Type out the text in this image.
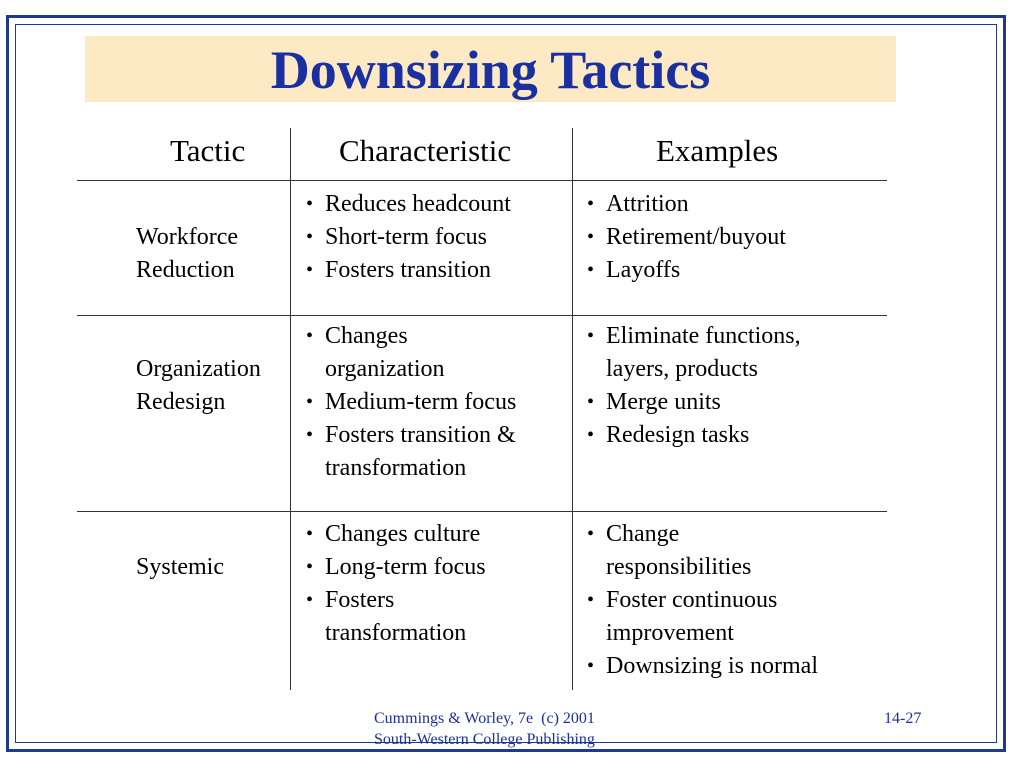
Downsizing Tactics
Tactic	Characteristic	Examples
Workforce
Reduction
• Reduces headcount
• Short-term focus
• Fosters transition
• Attrition
• Retirement/buyout
• Layoffs
Organization
Redesign
• Changes organization
• Medium-term focus
• Fosters transition & transformation
• Eliminate functions, layers, products
• Merge units
• Redesign tasks
Systemic
• Changes culture
• Long-term focus
• Fosters transformation
• Change responsibilities
• Foster continuous improvement
• Downsizing is normal
Cummings & Worley, 7e  (c) 2001
South-Western College Publishing
14-27
